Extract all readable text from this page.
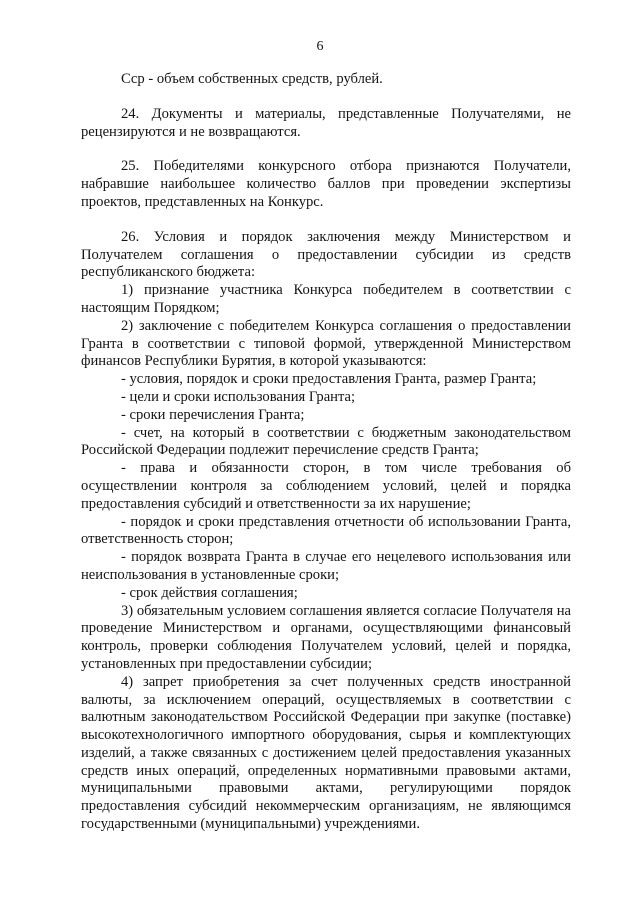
6

Сср - объем собственных средств, рублей.

24. Документы и материалы, представленные Получателями, не рецензируются и не возвращаются.

25. Победителями конкурсного отбора признаются Получатели, набравшие наибольшее количество баллов при проведении экспертизы проектов, представленных на Конкурс.

26. Условия и порядок заключения между Министерством и Получателем соглашения о предоставлении субсидии из средств республиканского бюджета:

1) признание участника Конкурса победителем в соответствии с настоящим Порядком;

2) заключение с победителем Конкурса соглашения о предоставлении Гранта в соответствии с типовой формой, утвержденной Министерством финансов Республики Бурятия, в которой указываются:

- условия, порядок и сроки предоставления Гранта, размер Гранта;

- цели и сроки использования Гранта;

- сроки перечисления Гранта;

- счет, на который в соответствии с бюджетным законодательством Российской Федерации подлежит перечисление средств Гранта;

- права и обязанности сторон, в том числе требования об осуществлении контроля за соблюдением условий, целей и порядка предоставления субсидий и ответственности за их нарушение;

- порядок и сроки представления отчетности об использовании Гранта, ответственность сторон;

- порядок возврата Гранта в случае его нецелевого использования или неиспользования в установленные сроки;

- срок действия соглашения;

3) обязательным условием соглашения является согласие Получателя на проведение Министерством и органами, осуществляющими финансовый контроль, проверки соблюдения Получателем условий, целей и порядка, установленных при предоставлении субсидии;

4) запрет приобретения за счет полученных средств иностранной валюты, за исключением операций, осуществляемых в соответствии с валютным законодательством Российской Федерации при закупке (поставке) высокотехнологичного импортного оборудования, сырья и комплектующих изделий, а также связанных с достижением целей предоставления указанных средств иных операций, определенных нормативными правовыми актами, муниципальными правовыми актами, регулирующими порядок предоставления субсидий некоммерческим организациям, не являющимся государственными (муниципальными) учреждениями.
